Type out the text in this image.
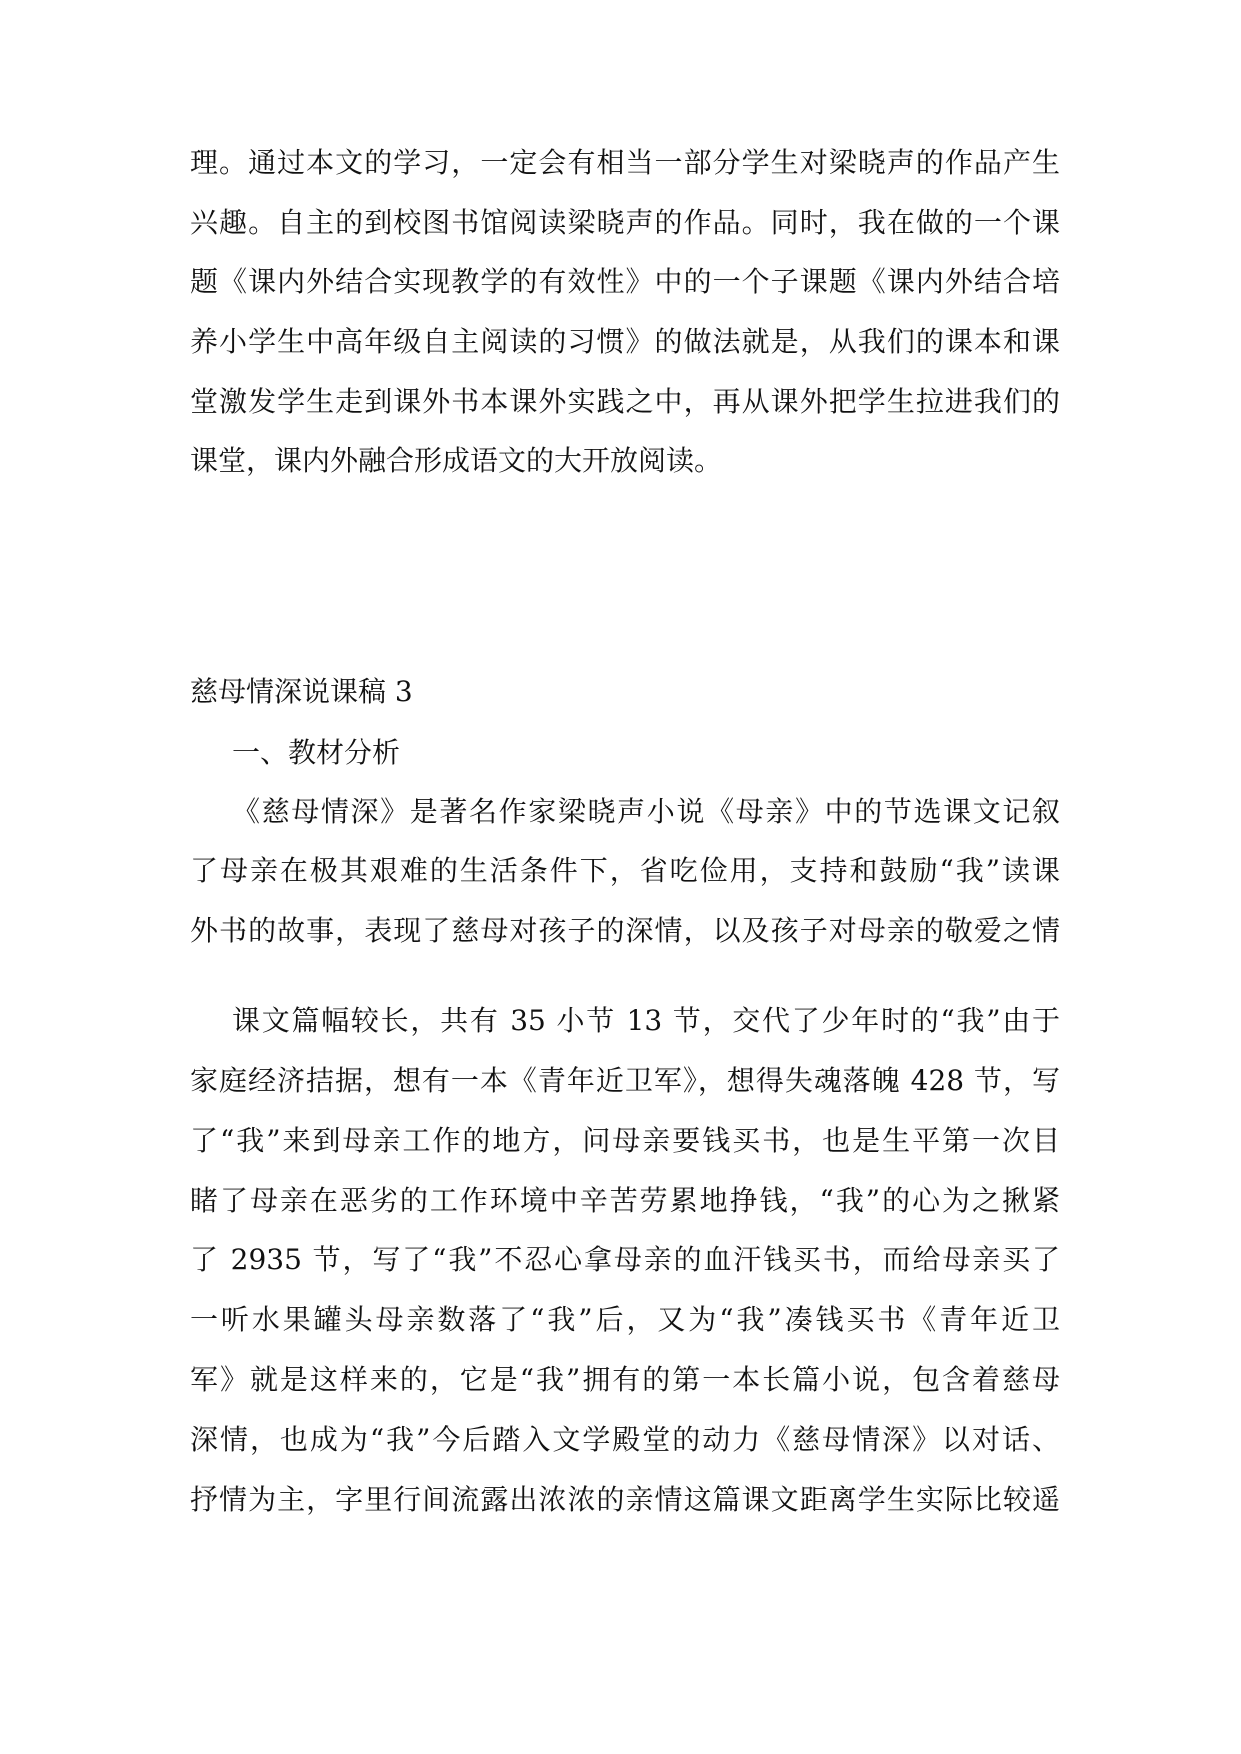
理。通过本文的学习，一定会有相当一部分学生对梁晓声的作品产生
兴趣。自主的到校图书馆阅读梁晓声的作品。同时，我在做的一个课
题《课内外结合实现教学的有效性》中的一个子课题《课内外结合培
养小学生中高年级自主阅读的习惯》的做法就是，从我们的课本和课
堂激发学生走到课外书本课外实践之中，再从课外把学生拉进我们的
课堂，课内外融合形成语文的大开放阅读。
慈母情深说课稿 3
一、教材分析
《慈母情深》是著名作家梁晓声小说《母亲》中的节选课文记叙
了母亲在极其艰难的生活条件下，省吃俭用，支持和鼓励“我”读课
外书的故事，表现了慈母对孩子的深情，以及孩子对母亲的敬爱之情
课文篇幅较长，共有 35 小节 13 节，交代了少年时的“我”由于
家庭经济拮据，想有一本《青年近卫军》，想得失魂落魄 428 节，写
了“我”来到母亲工作的地方，问母亲要钱买书，也是生平第一次目
睹了母亲在恶劣的工作环境中辛苦劳累地挣钱，“我”的心为之揪紧
了 2935 节，写了“我”不忍心拿母亲的血汗钱买书，而给母亲买了
一听水果罐头母亲数落了“我”后，又为“我”凑钱买书《青年近卫
军》就是这样来的，它是“我”拥有的第一本长篇小说，包含着慈母
深情，也成为“我”今后踏入文学殿堂的动力《慈母情深》以对话、
抒情为主，字里行间流露出浓浓的亲情这篇课文距离学生实际比较遥
